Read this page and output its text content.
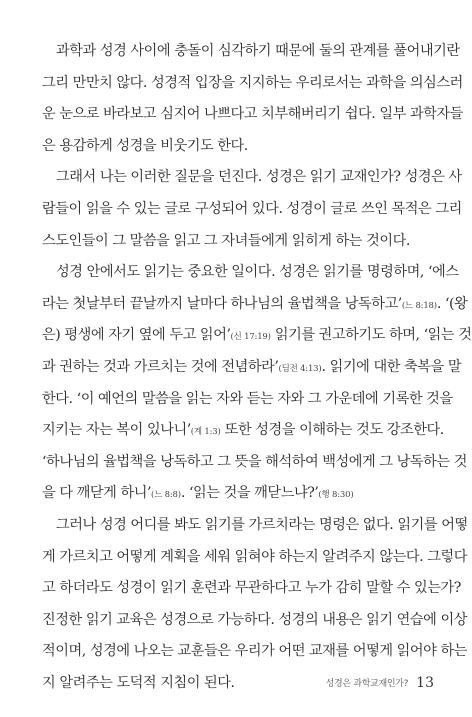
과학과 성경 사이에 충돌이 심각하기 때문에 둘의 관계를 풀어내기란
그리 만만치 않다. 성경적 입장을 지지하는 우리로서는 과학을 의심스러
운 눈으로 바라보고 심지어 나쁘다고 치부해버리기 쉽다. 일부 과학자들
은 용감하게 성경을 비웃기도 한다.
그래서 나는 이러한 질문을 던진다. 성경은 읽기 교재인가? 성경은 사
람들이 읽을 수 있는 글로 구성되어 있다. 성경이 글로 쓰인 목적은 그리
스도인들이 그 말씀을 읽고 그 자녀들에게 읽히게 하는 것이다.
성경 안에서도 읽기는 중요한 일이다. 성경은 읽기를 명령하며, ‘에스
라는 첫날부터 끝날까지 날마다 하나님의 율법책을 낭독하고’(느 8:18). ‘(왕
은) 평생에 자기 옆에 두고 읽어’(신 17:19) 읽기를 권고하기도 하며, ‘읽는 것
과 권하는 것과 가르치는 것에 전념하라’(딤전 4:13). 읽기에 대한 축복을 말
한다. ‘이 예언의 말씀을 읽는 자와 듣는 자와 그 가운데에 기록한 것을
지키는 자는 복이 있나니’(계 1:3) 또한 성경을 이해하는 것도 강조한다.
‘하나님의 율법책을 낭독하고 그 뜻을 해석하여 백성에게 그 낭독하는 것
을 다 깨닫게 하니’(느 8:8). ‘읽는 것을 깨닫느냐?’(행 8:30)
그러나 성경 어디를 봐도 읽기를 가르치라는 명령은 없다. 읽기를 어떻
게 가르치고 어떻게 계획을 세워 읽혀야 하는지 알려주지 않는다. 그렇다
고 하더라도 성경이 읽기 훈련과 무관하다고 누가 감히 말할 수 있는가?
진정한 읽기 교육은 성경으로 가능하다. 성경의 내용은 읽기 연습에 이상
적이며, 성경에 나오는 교훈들은 우리가 어떤 교재를 어떻게 읽어야 하는
지 알려주는 도덕적 지침이 된다.	성경은 과학교재인가? 13
